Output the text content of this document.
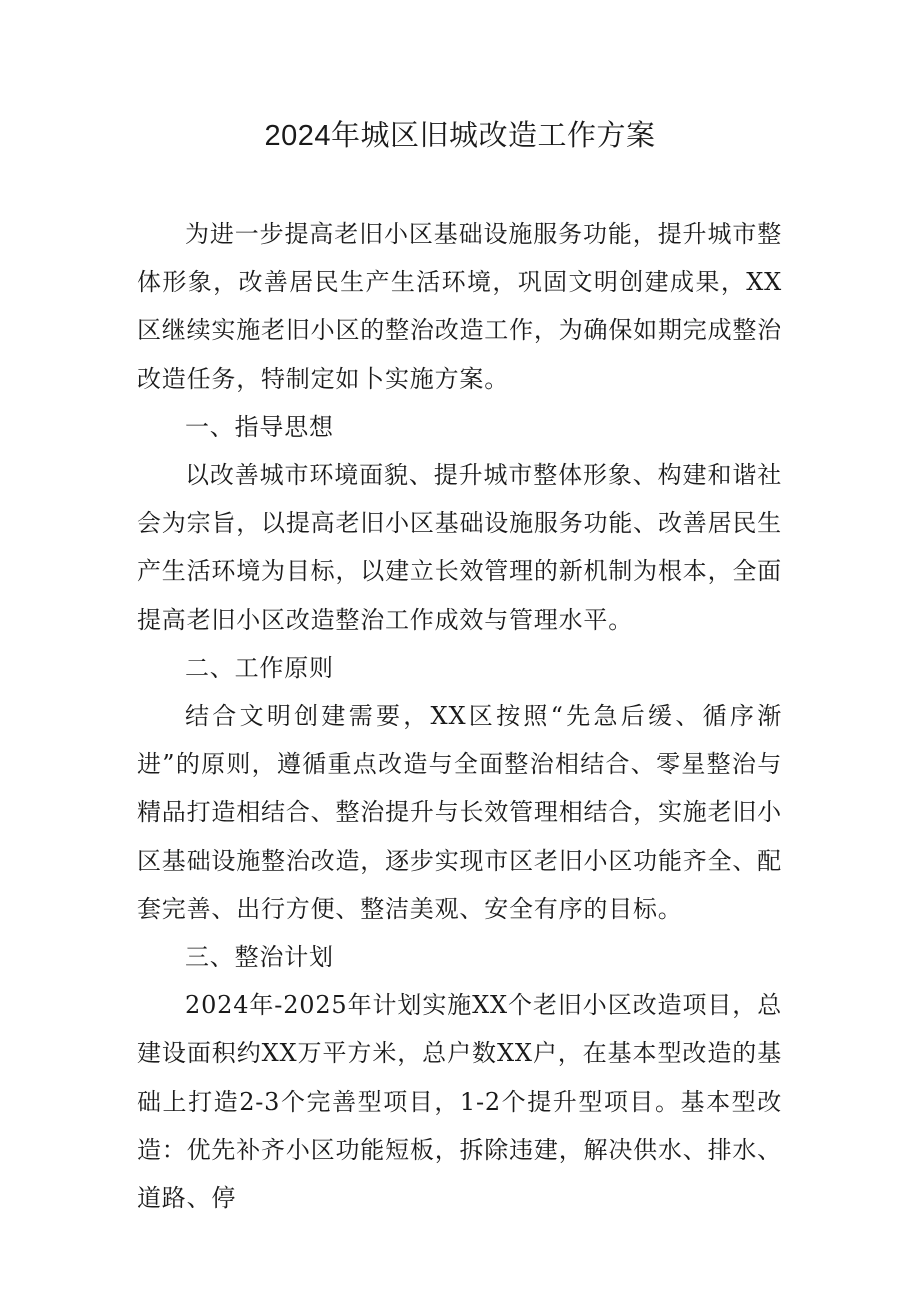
2024年城区旧城改造工作方案

为进一步提高老旧小区基础设施服务功能，提升城市整体形象，改善居民生产生活环境，巩固文明创建成果，XX区继续实施老旧小区的整治改造工作，为确保如期完成整治改造任务，特制定如卜实施方案。

一、指导思想

以改善城市环境面貌、提升城市整体形象、构建和谐社会为宗旨，以提高老旧小区基础设施服务功能、改善居民生产生活环境为目标，以建立长效管理的新机制为根本，全面提高老旧小区改造整治工作成效与管理水平。

二、工作原则

结合文明创建需要，XX区按照“先急后缓、循序渐进”的原则，遵循重点改造与全面整治相结合、零星整治与精品打造相结合、整治提升与长效管理相结合，实施老旧小区基础设施整治改造，逐步实现市区老旧小区功能齐全、配套完善、出行方便、整洁美观、安全有序的目标。

三、整治计划

2024年-2025年计划实施XX个老旧小区改造项目，总建设面积约XX万平方米，总户数XX户，在基本型改造的基础上打造2-3个完善型项目，1-2个提升型项目。基本型改造：优先补齐小区功能短板，拆除违建，解决供水、排水、道路、停
